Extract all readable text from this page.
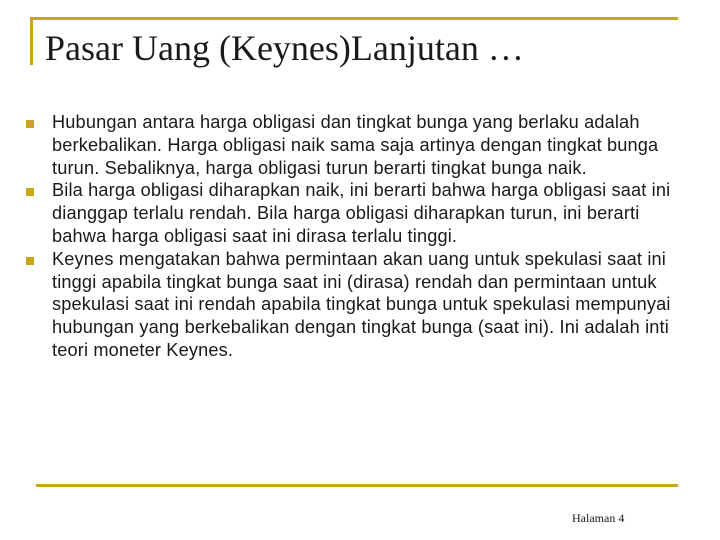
Pasar Uang (Keynes)Lanjutan …
Hubungan antara harga obligasi dan tingkat bunga yang berlaku adalah berkebalikan. Harga obligasi naik sama saja artinya dengan tingkat bunga turun. Sebaliknya, harga obligasi turun berarti tingkat bunga naik.
Bila harga obligasi diharapkan naik, ini berarti bahwa harga obligasi saat ini dianggap terlalu rendah. Bila harga obligasi diharapkan turun, ini berarti bahwa harga obligasi saat ini dirasa terlalu tinggi.
Keynes mengatakan bahwa permintaan akan uang untuk spekulasi saat ini tinggi apabila tingkat bunga saat ini (dirasa) rendah dan permintaan untuk spekulasi saat ini rendah apabila tingkat bunga untuk spekulasi mempunyai hubungan yang berkebalikan dengan tingkat bunga (saat ini). Ini adalah inti teori moneter Keynes.
Halaman 4
